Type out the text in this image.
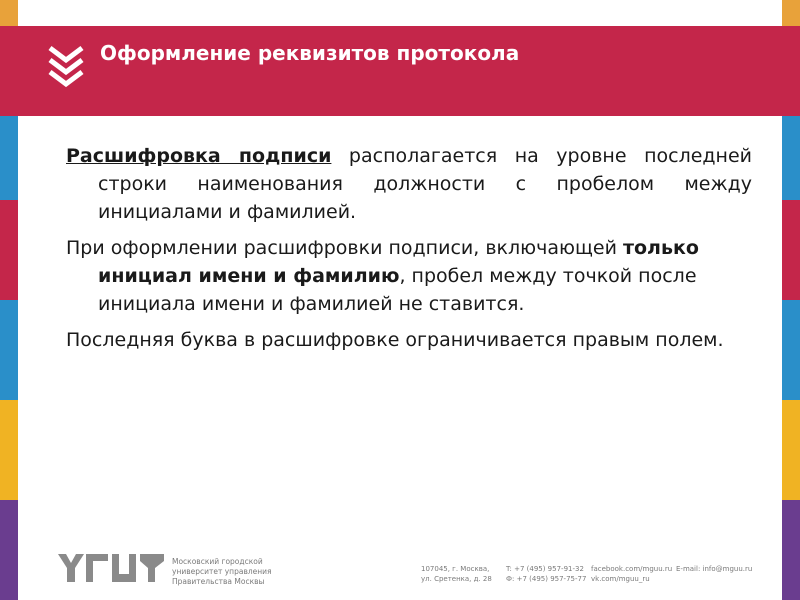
Оформление реквизитов протокола

Расшифровка подписи располагается на уровне последней строки наименования должности с пробелом между инициалами и фамилией.

При оформлении расшифровки подписи, включающей только инициал имени и фамилию, пробел между точкой после инициала имени и фамилией не ставится.

Последняя буква в расшифровке ограничивается правым полем.

Московский городской
университет управления
Правительства Москвы
107045, г. Москва,
ул. Сретенка, д. 28
T: +7 (495) 957-91-32
Ф: +7 (495) 957-75-77
facebook.com/mguu.ru
vk.com/mguu_ru
E-mail: info@mguu.ru
